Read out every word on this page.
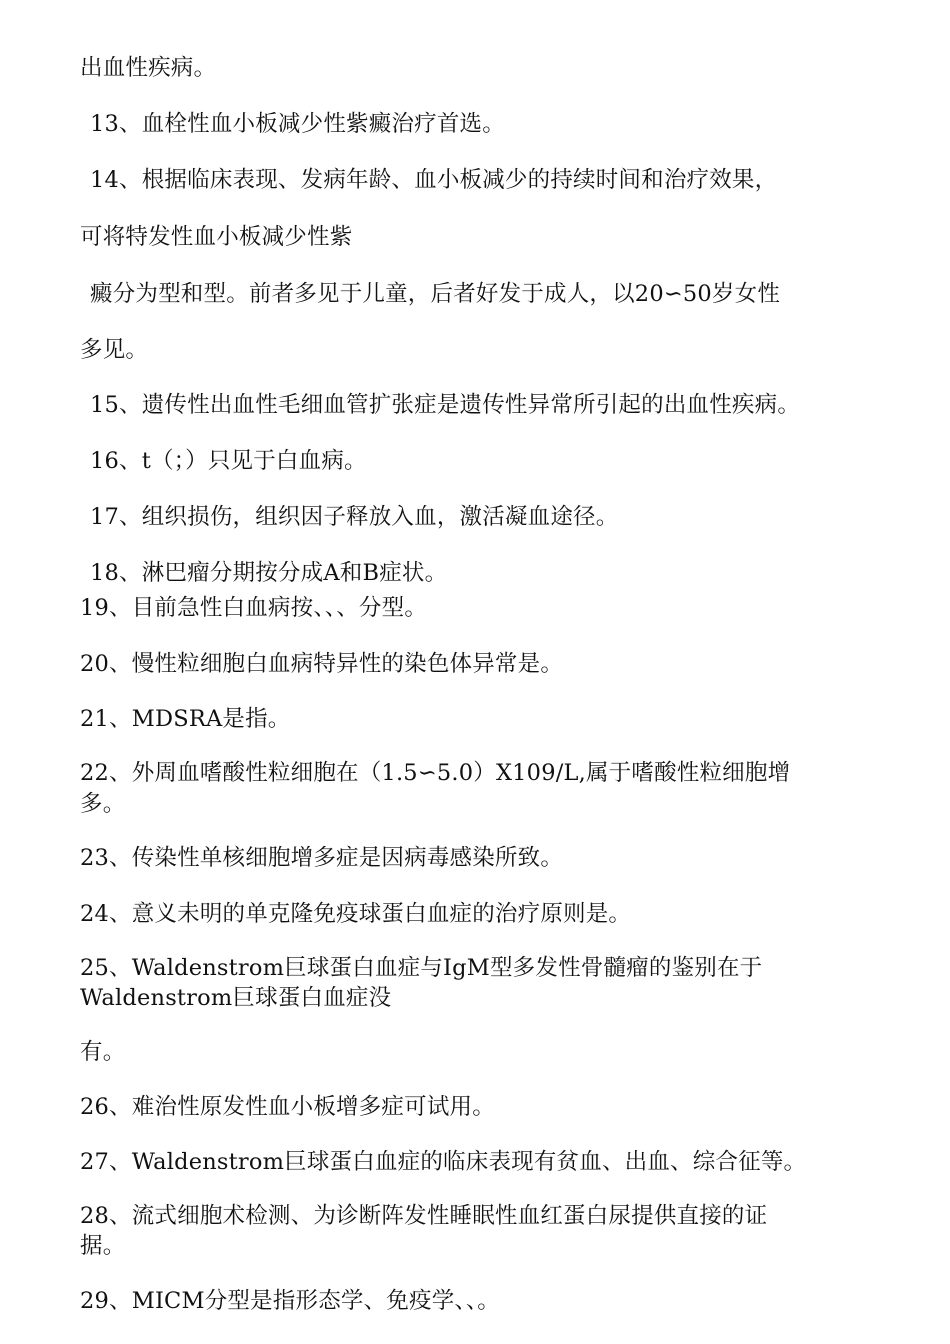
出血性疾病。
13、血栓性血小板减少性紫癜治疗首选。
14、根据临床表现、发病年龄、血小板减少的持续时间和治疗效果，
可将特发性血小板减少性紫
癜分为型和型。前者多见于儿童，后者好发于成人，以20∽50岁女性
多见。
15、遗传性出血性毛细血管扩张症是遗传性异常所引起的出血性疾病。
16、t（；）只见于白血病。
17、组织损伤，组织因子释放入血，激活凝血途径。
18、淋巴瘤分期按分成A和B症状。
19、目前急性白血病按、、、分型。
20、慢性粒细胞白血病特异性的染色体异常是。
21、MDSRA是指。
22、外周血嗜酸性粒细胞在（1.5∽5.0）X109/L,属于嗜酸性粒细胞增
多。
23、传染性单核细胞增多症是因病毒感染所致。
24、意义未明的单克隆免疫球蛋白血症的治疗原则是。
25、Waldenstrom巨球蛋白血症与IgM型多发性骨髓瘤的鉴别在于
Waldenstrom巨球蛋白血症没
有。
26、难治性原发性血小板增多症可试用。
27、Waldenstrom巨球蛋白血症的临床表现有贫血、出血、综合征等。
28、流式细胞术检测、为诊断阵发性睡眠性血红蛋白尿提供直接的证
据。
29、MICM分型是指形态学、免疫学、、。
